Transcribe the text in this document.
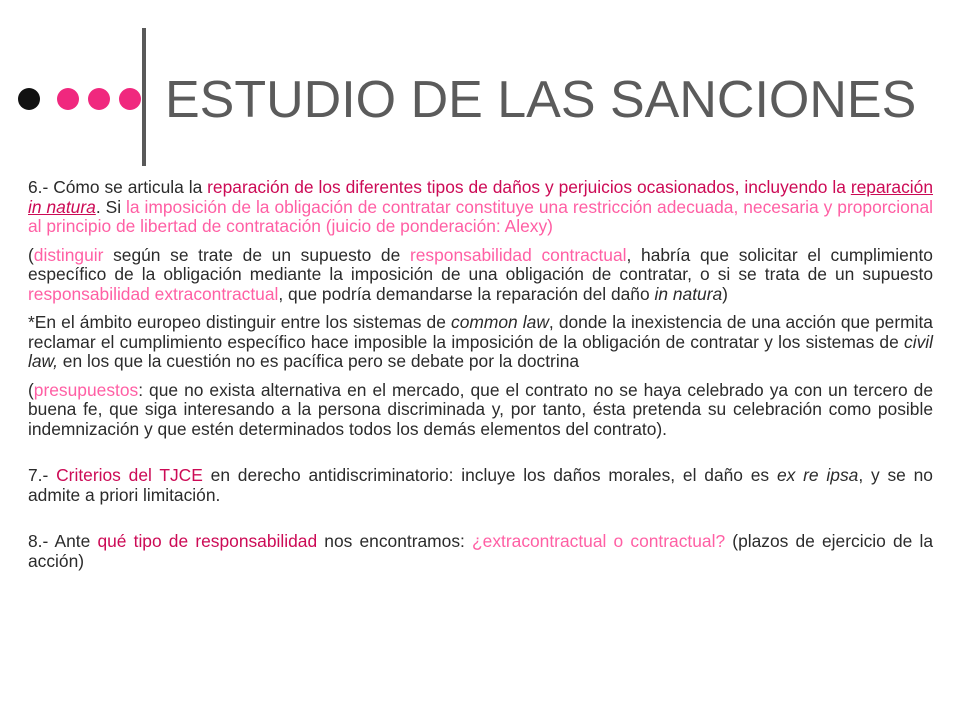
ESTUDIO DE LAS SANCIONES

6.- Cómo se articula la reparación de los diferentes tipos de daños y perjuicios ocasionados, incluyendo la reparación in natura. Si la imposición de la obligación de contratar constituye una restricción adecuada, necesaria y proporcional al principio de libertad de contratación (juicio de ponderación: Alexy)

(distinguir según se trate de un supuesto de responsabilidad contractual, habría que solicitar el cumplimiento específico de la obligación mediante la imposición de una obligación de contratar, o si se trata de un supuesto responsabilidad extracontractual, que podría demandarse la reparación del daño in natura)

*En el ámbito europeo distinguir entre los sistemas de common law, donde la inexistencia de una acción que permita reclamar el cumplimiento específico hace imposible la imposición de la obligación de contratar y los sistemas de civil law, en los que la cuestión no es pacífica pero se debate por la doctrina

(presupuestos: que no exista alternativa en el mercado, que el contrato no se haya celebrado ya con un tercero de buena fe, que siga interesando a la persona discriminada y, por tanto, ésta pretenda su celebración como posible indemnización y que estén determinados todos los demás elementos del contrato).

7.- Criterios del TJCE en derecho antidiscriminatorio: incluye los daños morales, el daño es ex re ipsa, y se no admite a priori limitación.

8.- Ante qué tipo de responsabilidad nos encontramos: ¿extracontractual o contractual? (plazos de ejercicio de la acción)
